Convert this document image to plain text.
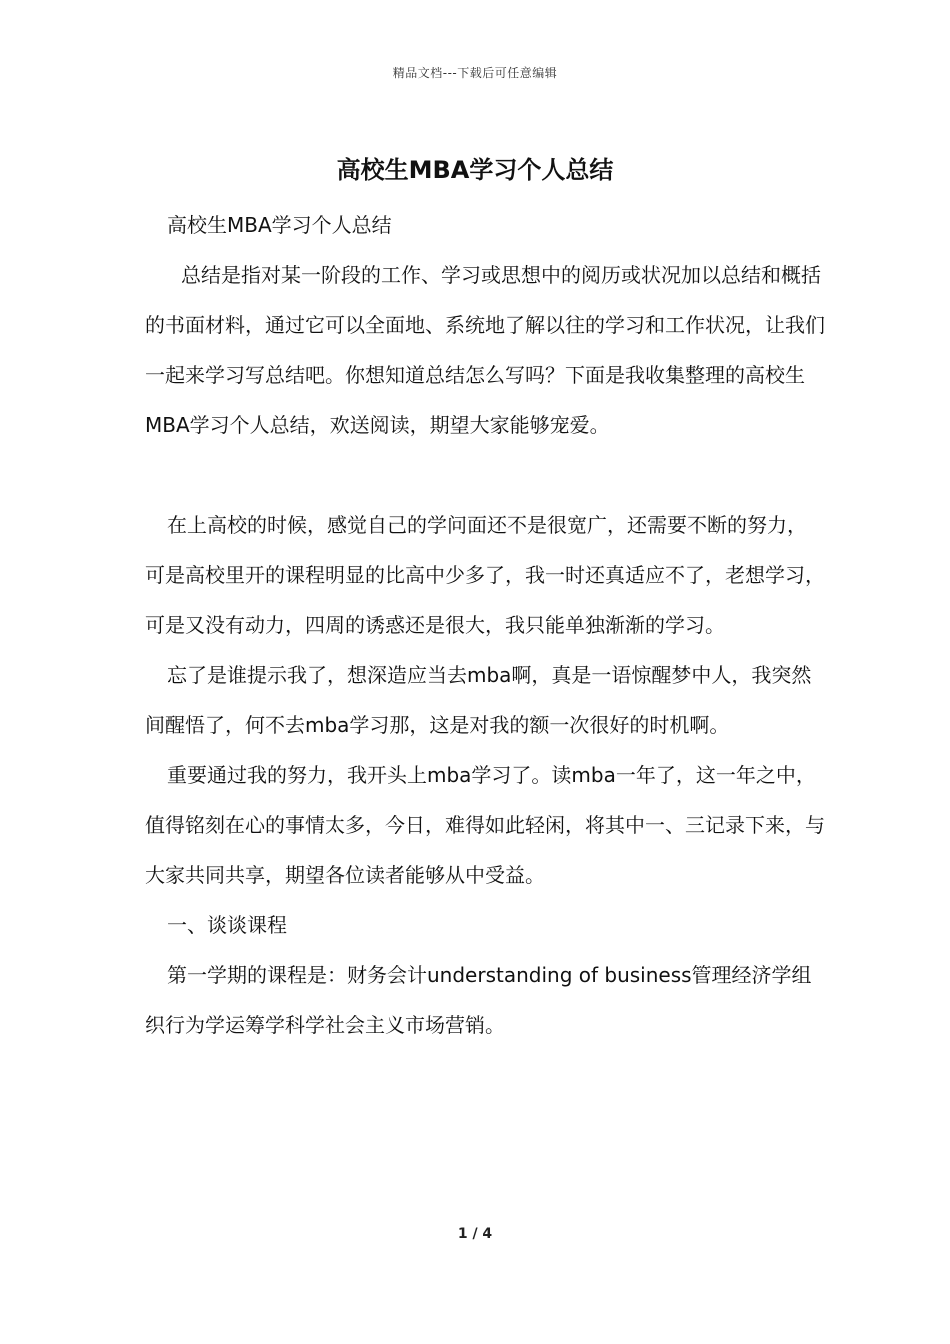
精品文档---下载后可任意编辑
高校生MBA学习个人总结

高校生MBA学习个人总结

总结是指对某一阶段的工作、学习或思想中的阅历或状况加以总结和概括的书面材料，通过它可以全面地、系统地了解以往的学习和工作状况，让我们一起来学习写总结吧。你想知道总结怎么写吗？下面是我收集整理的高校生MBA学习个人总结，欢送阅读，期望大家能够宠爱。

在上高校的时候，感觉自己的学问面还不是很宽广，还需要不断的努力，可是高校里开的课程明显的比高中少多了，我一时还真适应不了，老想学习，可是又没有动力，四周的诱惑还是很大，我只能单独渐渐的学习。

忘了是谁提示我了，想深造应当去mba啊，真是一语惊醒梦中人，我突然间醒悟了，何不去mba学习那，这是对我的额一次很好的时机啊。

重要通过我的努力，我开头上mba学习了。读mba一年了，这一年之中，值得铭刻在心的事情太多，今日，难得如此轻闲，将其中一、三记录下来，与大家共同共享，期望各位读者能够从中受益。

一、谈谈课程

第一学期的课程是：财务会计understanding of business管理经济学组织行为学运筹学科学社会主义市场营销。

1 / 4
